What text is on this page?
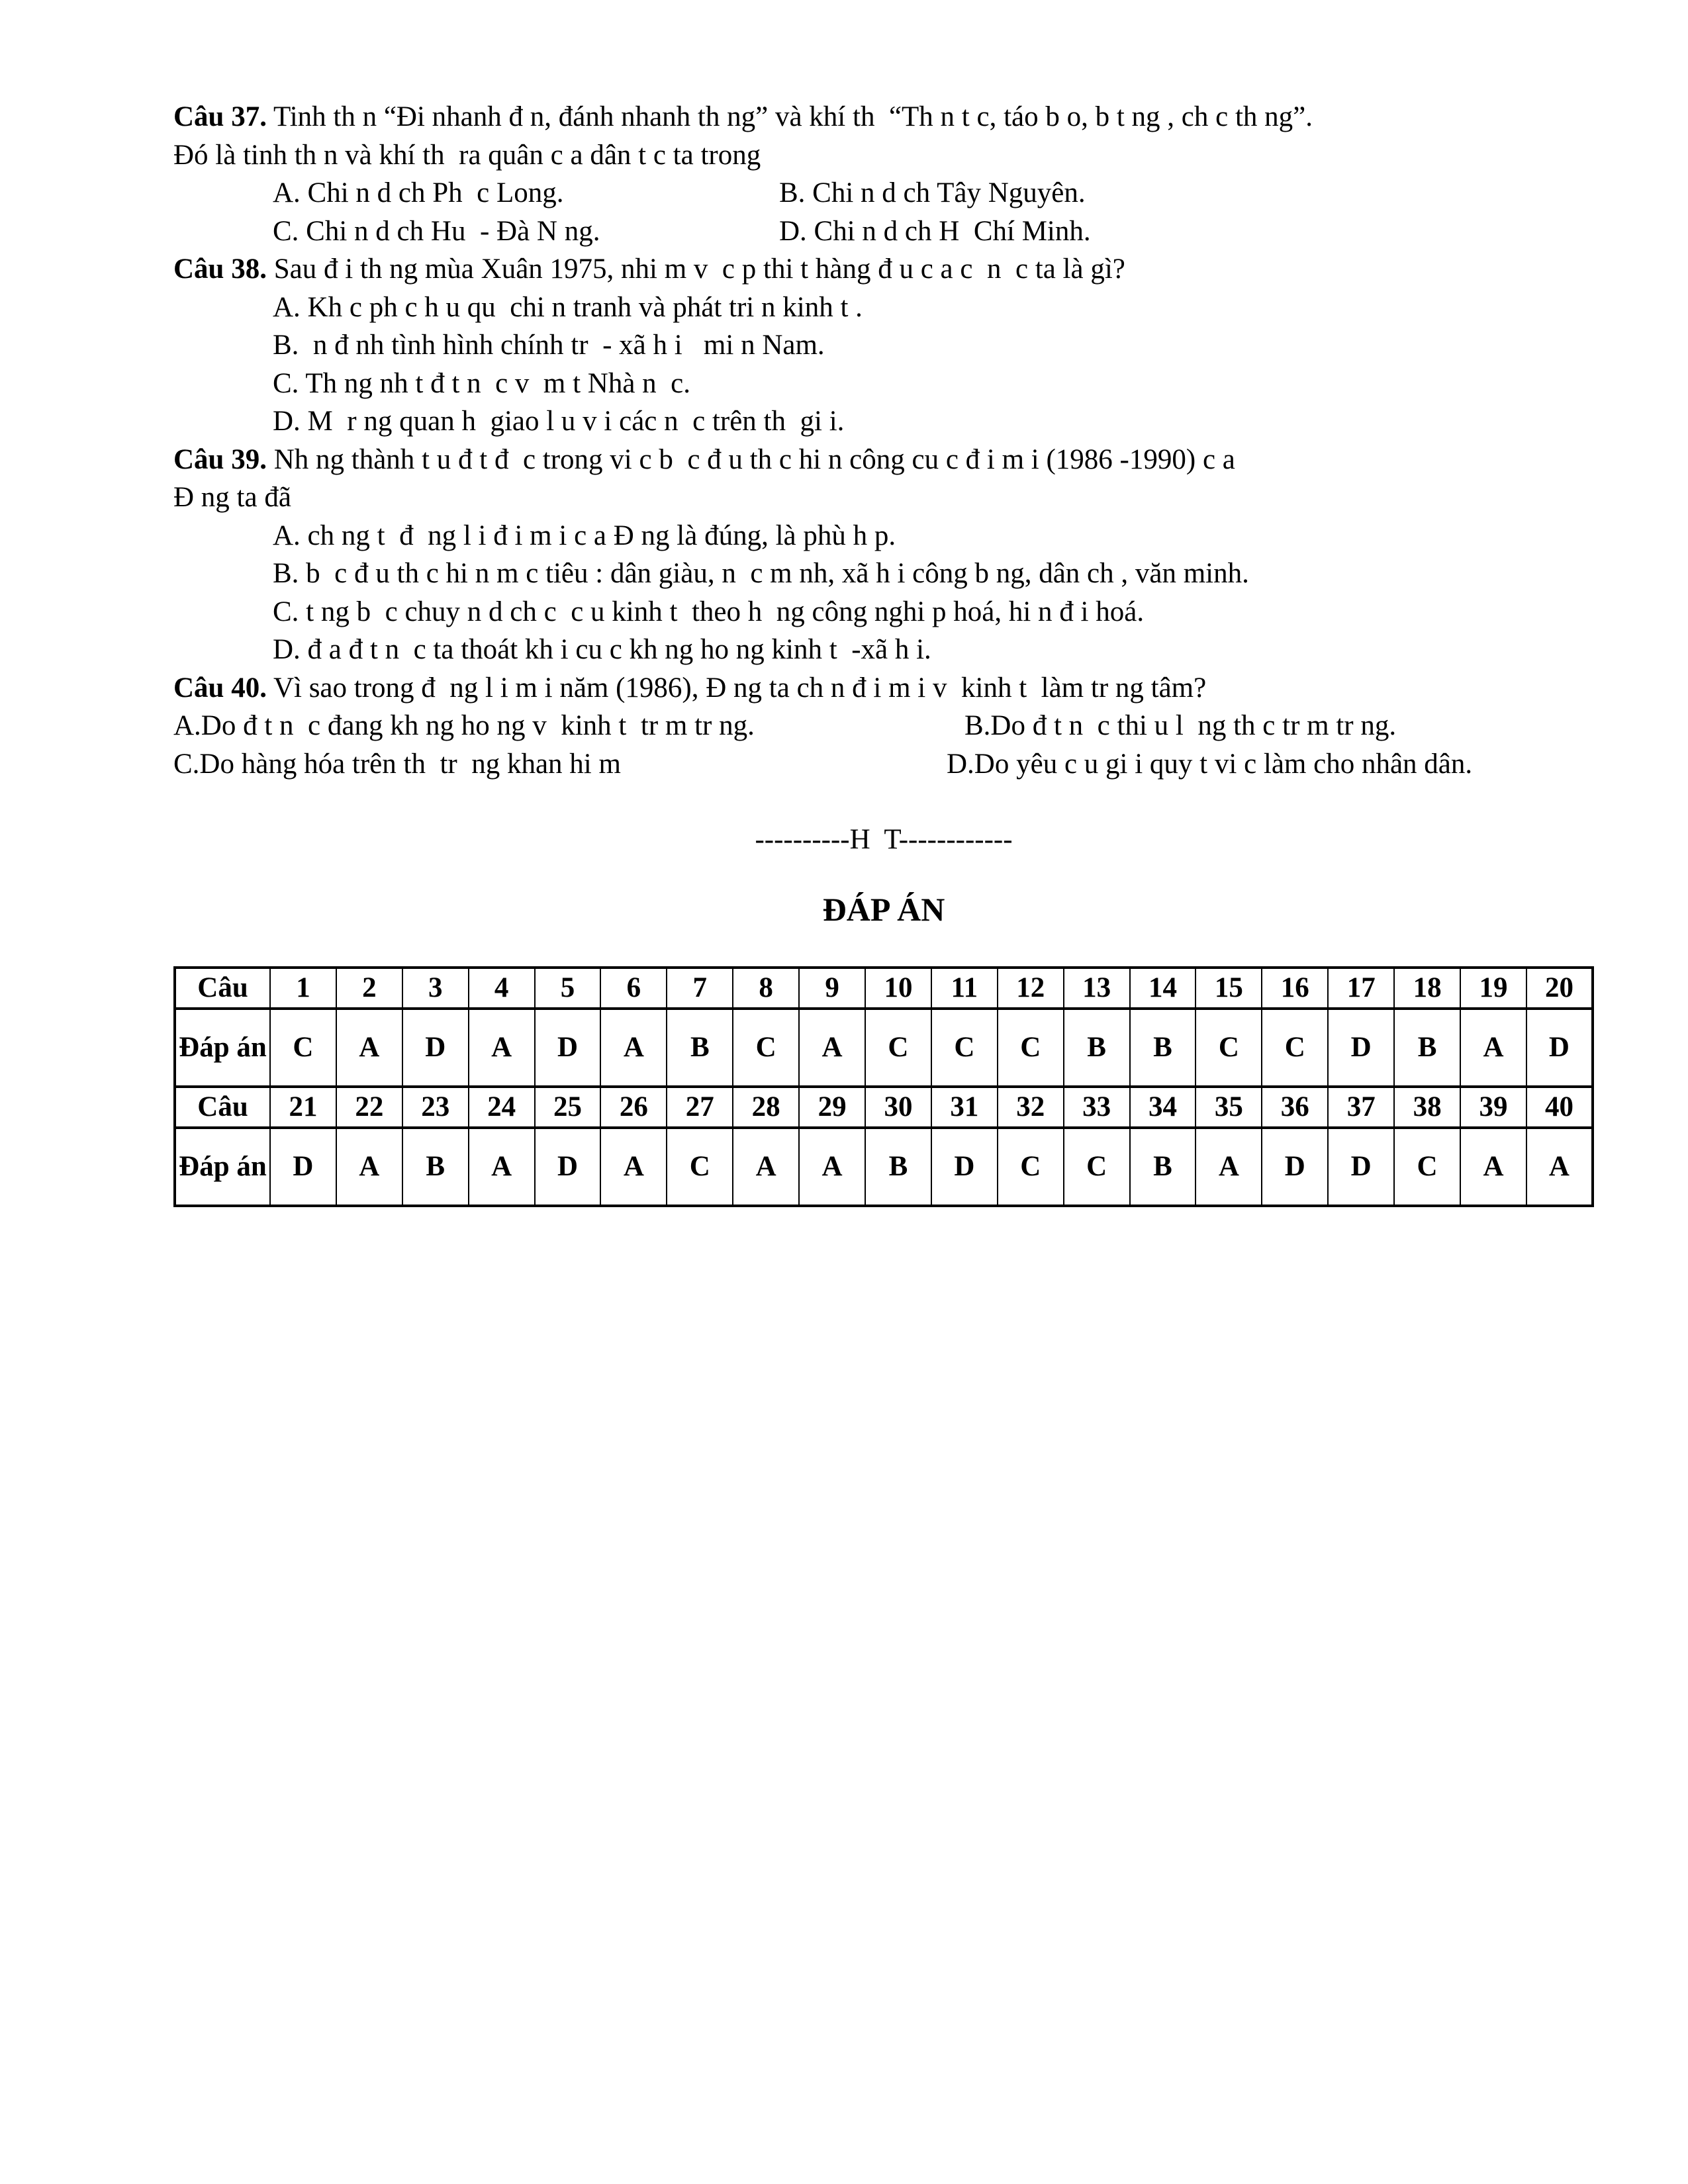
Câu 37. Tinh th n “Đi nhanh đ n, đánh nhanh th ng” và khí th  “Th n t c, táo b o, b t ng , ch c th ng”.
Đó là tinh th n và khí th  ra quân c a dân t c ta trong
A. Chi n d ch Ph  c Long.	B. Chi n d ch Tây Nguyên.
C. Chi n d ch Hu  - Đà N ng.	D. Chi n d ch H  Chí Minh.
Câu 38. Sau đ i th ng mùa Xuân 1975, nhi m v  c p thi t hàng đ u c a c  n  c ta là gì?
A. Kh c ph c h u qu  chi n tranh và phát tri n kinh t .
B.  n đ nh tình hình chính tr  - xã h i   mi n Nam.
C. Th ng nh t đ t n  c v  m t Nhà n  c.
D. M  r ng quan h  giao l u v i các n  c trên th  gi i.
Câu 39. Nh ng thành t u đ t đ  c trong vi c b  c đ u th c hi n công cu c đ i m i (1986 -1990) c a
Đ ng ta đã
A. ch ng t  đ  ng l i đ i m i c a Đ ng là đúng, là phù h p.
B. b  c đ u th c hi n m c tiêu : dân giàu, n  c m nh, xã h i công b ng, dân ch , văn minh.
C. t ng b  c chuy n d ch c  c u kinh t  theo h  ng công nghi p hoá, hi n đ i hoá.
D. đ a đ t n  c ta thoát kh i cu c kh ng ho ng kinh t  -xã h i.
Câu 40. Vì sao trong đ  ng l i m i năm (1986), Đ ng ta ch n đ i m i v  kinh t  làm tr ng tâm?
A.Do đ t n  c đang kh ng ho ng v  kinh t  tr m tr ng.	B.Do đ t n  c thi u l  ng th c tr m tr ng.
C.Do hàng hóa trên th  tr  ng khan hi m	D.Do yêu c u gi i quy t vi c làm cho nhân dân.
----------H  T------------
ĐÁP ÁN
Câu	1	2	3	4	5	6	7	8	9	10	11	12	13	14	15	16	17	18	19	20
Đáp án	C	A	D	A	D	A	B	C	A	C	C	C	B	B	C	C	D	B	A	D
Câu	21	22	23	24	25	26	27	28	29	30	31	32	33	34	35	36	37	38	39	40
Đáp án	D	A	B	A	D	A	C	A	A	B	D	C	C	B	A	D	D	C	A	A
